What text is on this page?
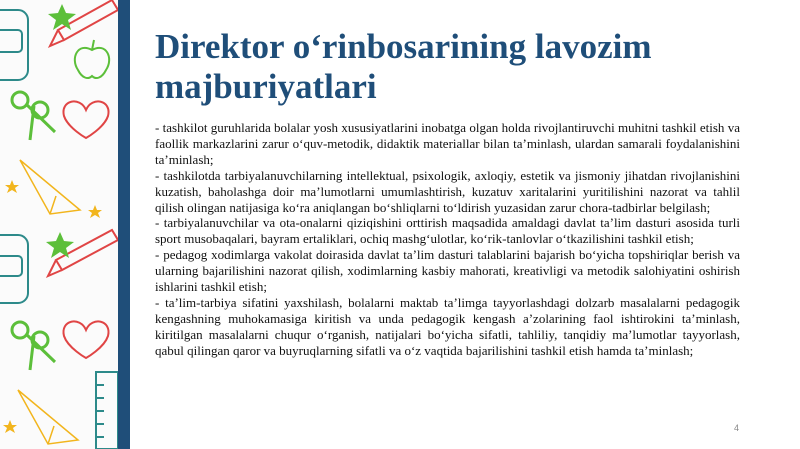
Direktor o‘rinbosarining lavozim majburiyatlari

- tashkilot guruhlarida bolalar yosh xususiyatlarini inobatga olgan holda rivojlantiruvchi muhitni tashkil etish va faollik markazlarini zarur o‘quv-metodik, didaktik materiallar bilan ta’minlash, ulardan samarali foydalanishini ta’minlash;

- tashkilotda tarbiyalanuvchilarning intellektual, psixologik, axloqiy, estetik va jismoniy jihatdan rivojlanishini kuzatish, baholashga doir ma’lumotlarni umumlashtirish, kuzatuv xaritalarini yuritilishini nazorat va tahlil qilish olingan natijasiga ko‘ra aniqlangan bo‘shliqlarni to‘ldirish yuzasidan zarur chora-tadbirlar belgilash;

- tarbiyalanuvchilar va ota-onalarni qiziqishini orttirish maqsadida amaldagi davlat ta’lim dasturi asosida turli sport musobaqalari, bayram ertaliklari, ochiq mashg‘ulotlar, ko‘rik-tanlovlar o‘tkazilishini tashkil etish;

- pedagog xodimlarga vakolat doirasida davlat ta’lim dasturi talablarini bajarish bo‘yicha topshiriqlar berish va ularning bajarilishini nazorat qilish, xodimlarning kasbiy mahorati, kreativligi va metodik salohiyatini oshirish ishlarini tashkil etish;

- ta’lim-tarbiya sifatini yaxshilash, bolalarni maktab ta’limga tayyorlashdagi dolzarb masalalarni pedagogik kengashning muhokamasiga kiritish va unda pedagogik kengash a’zolarining faol ishtirokini ta’minlash, kiritilgan masalalarni chuqur o‘rganish, natijalari bo‘yicha sifatli, tahliliy, tanqidiy ma’lumotlar tayyorlash, qabul qilingan qaror va buyruqlarning sifatli va o‘z vaqtida bajarilishini tashkil etish hamda ta’minlash;

4
